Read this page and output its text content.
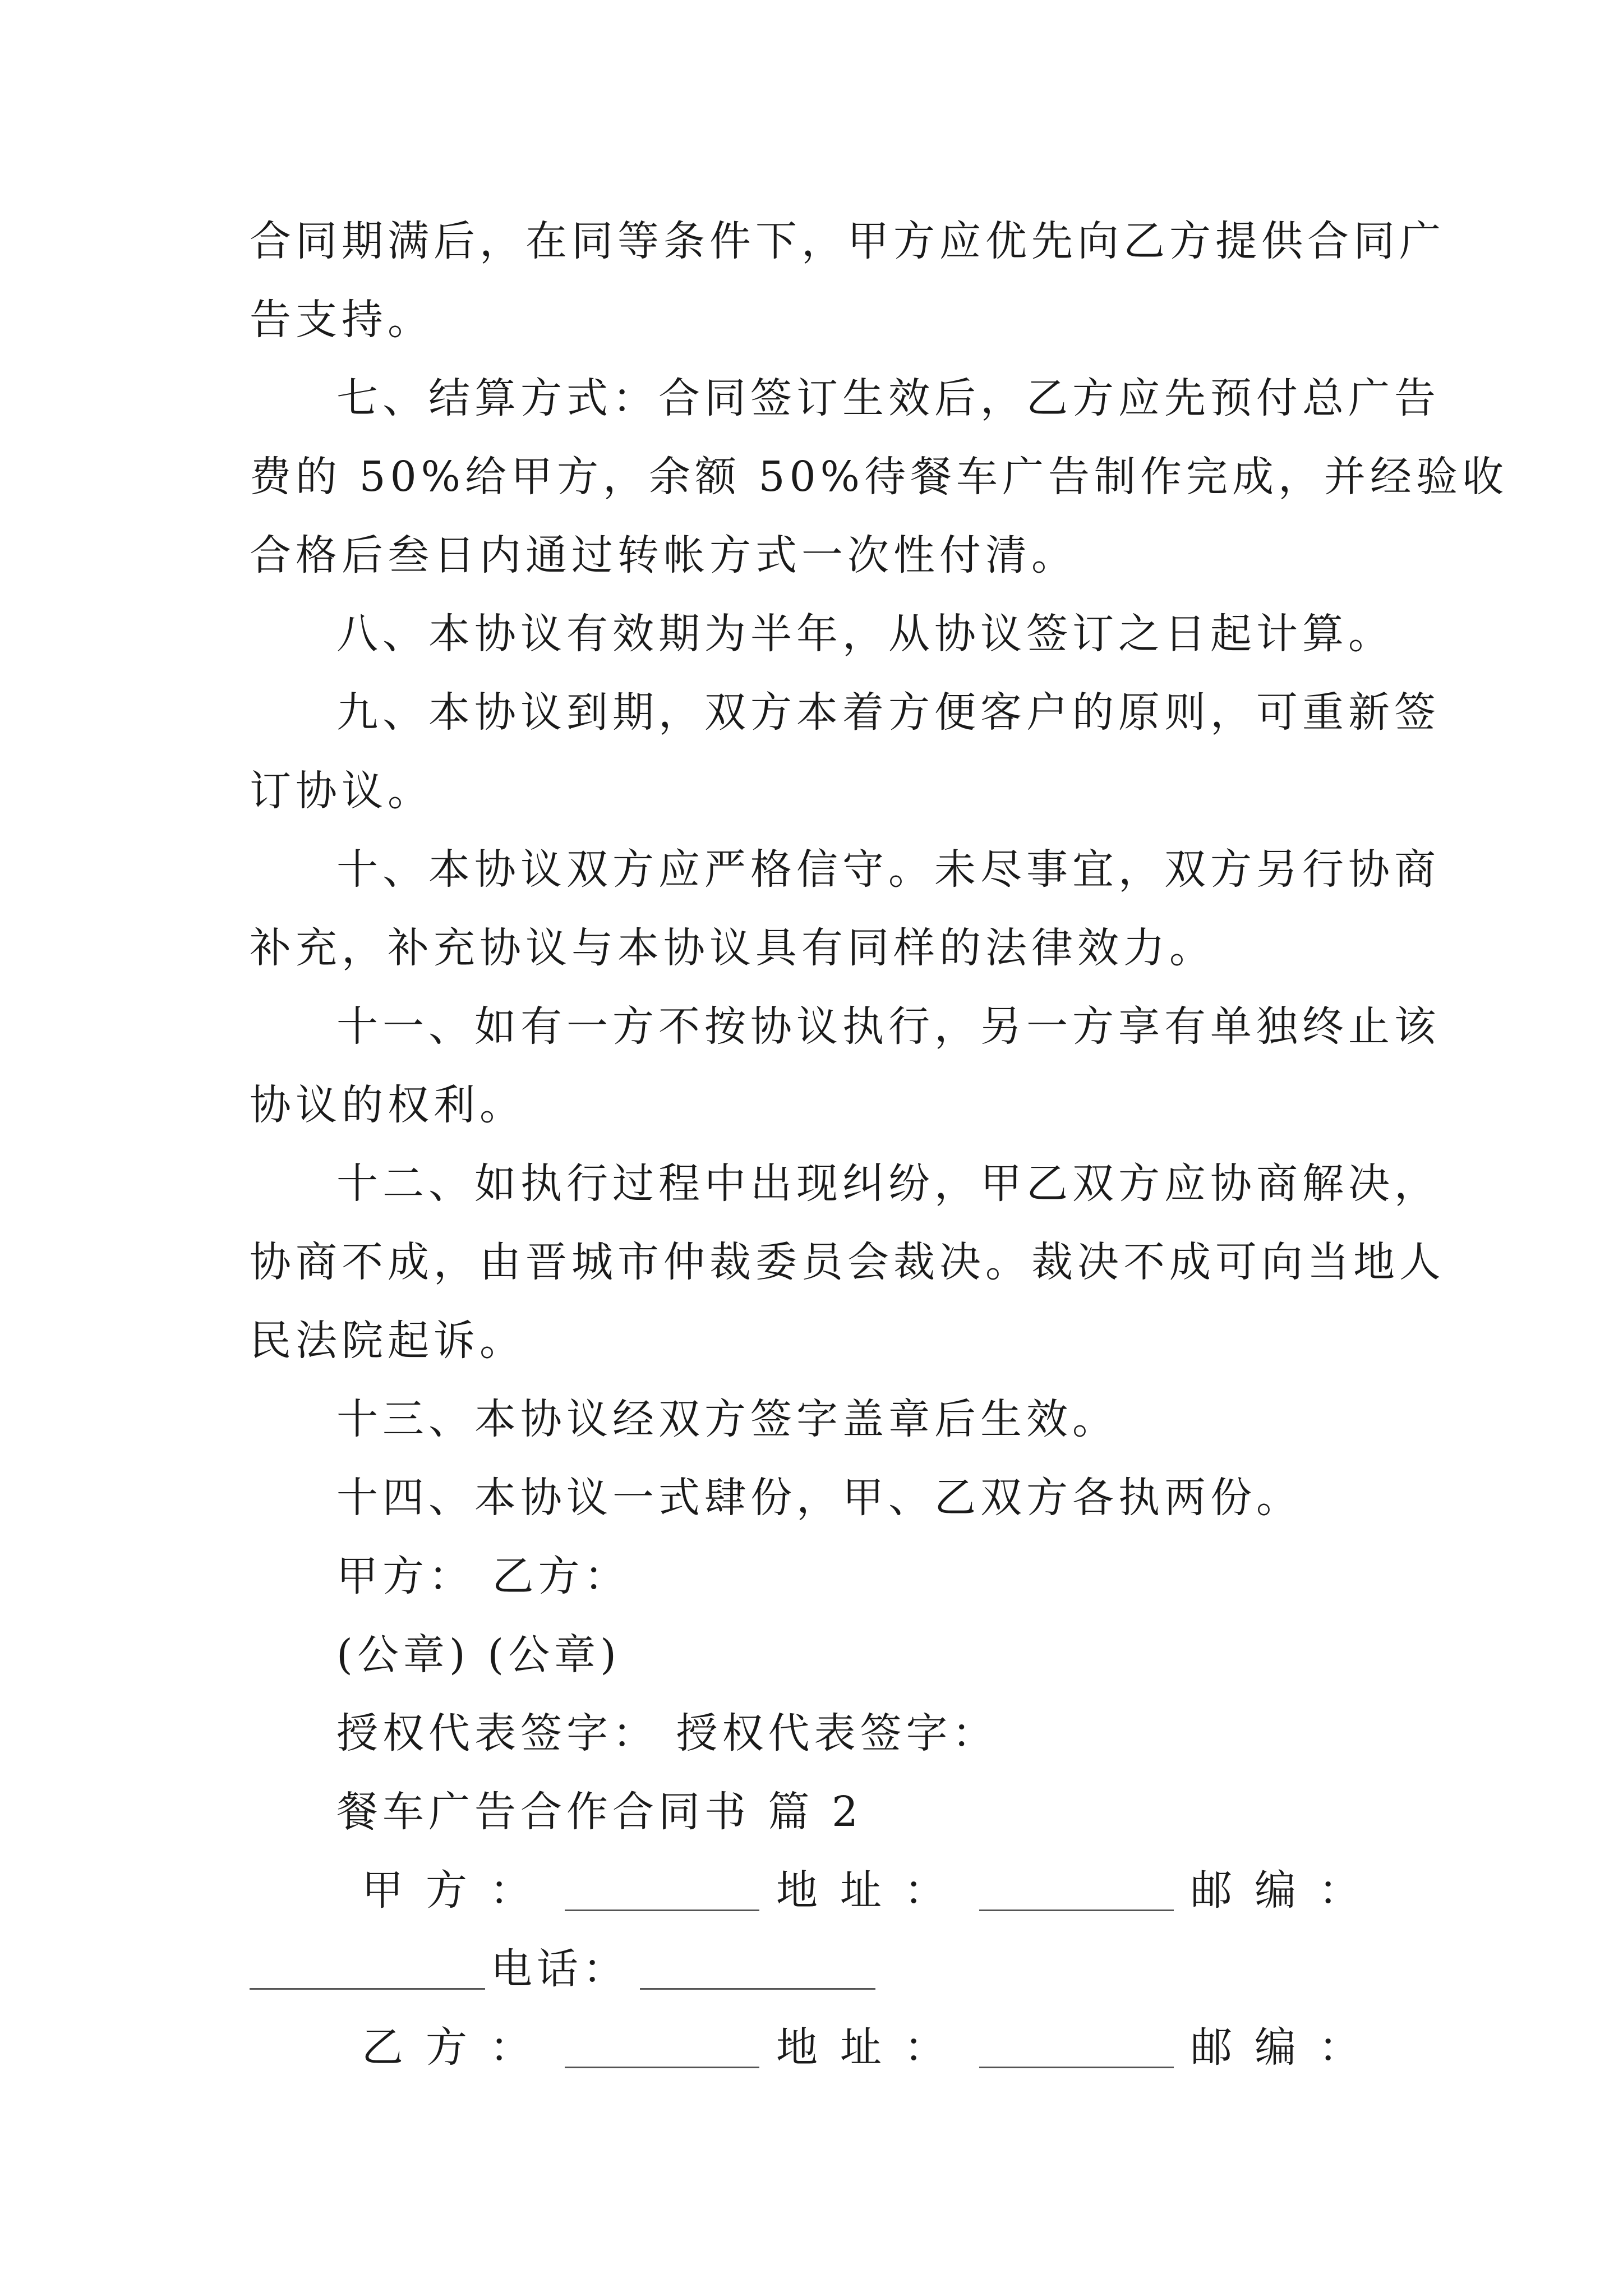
合同期满后，在同等条件下，甲方应优先向乙方提供合同广
告支持。
七、结算方式：合同签订生效后，乙方应先预付总广告
费的 50%给甲方，余额 50%待餐车广告制作完成，并经验收
合格后叁日内通过转帐方式一次性付清。
八、本协议有效期为半年，从协议签订之日起计算。
九、本协议到期，双方本着方便客户的原则，可重新签
订协议。
十、本协议双方应严格信守。未尽事宜，双方另行协商
补充，补充协议与本协议具有同样的法律效力。
十一、如有一方不按协议执行，另一方享有单独终止该
协议的权利。
十二、如执行过程中出现纠纷，甲乙双方应协商解决，
协商不成，由晋城市仲裁委员会裁决。裁决不成可向当地人
民法院起诉。
十三、本协议经双方签字盖章后生效。
十四、本协议一式肆份，甲、乙双方各执两份。
甲方： 乙方：
(公章) (公章)
授权代表签字： 授权代表签字：
餐车广告合作合同书 篇 2
甲方：	地址：	邮编：
电话：
乙方：	地址：	邮编：
